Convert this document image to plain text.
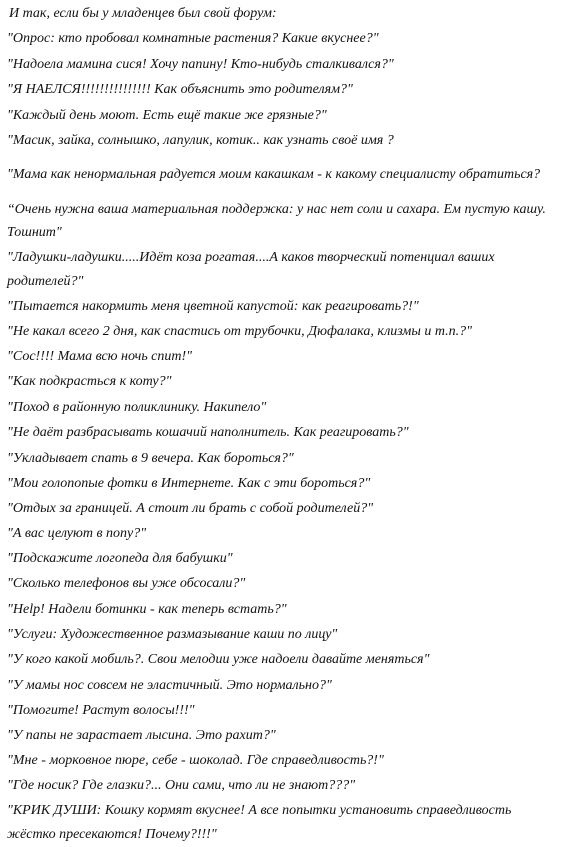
И так, если бы у младенцев был свой форум:
"Опрос: кто пробовал комнатные растения? Какие вкуснее?"
"Надоела мамина сися! Хочу папину! Кто-нибудь сталкивался?"
"Я НАЕЛСЯ!!!!!!!!!!!!!!! Как объяснить это родителям?"
"Каждый день моют. Есть ещё такие же грязные?"
"Масик, зайка, солнышко, лапулик, котик.. как узнать своё имя ?
"Мама как ненормальная радуется моим какашкам - к какому специалисту обратиться?
“Очень нужна ваша материальная поддержка: у нас нет соли и сахара. Ем пустую кашу.
Тошнит"
"Ладушки-ладушки.....Идёт коза рогатая....А каков творческий потенциал ваших
родителей?"
"Пытается накормить меня цветной капустой: как реагировать?!"
"Не какал всего 2 дня, как спастись от трубочки, Дюфалака, клизмы и т.п.?"
"Сос!!!! Мама всю ночь спит!"
"Как подкрасться к коту?"
"Поход в районную поликлинику. Накипело"
"Не даёт разбрасывать кошачий наполнитель. Как реагировать?"
"Укладывает спать в 9 вечера. Как бороться?"
"Мои голопопые фотки в Интернете. Как с эти бороться?"
"Отдых за границей. А стоит ли брать с собой родителей?"
"А вас целуют в попу?"
"Подскажите логопеда для бабушки"
"Сколько телефонов вы уже обсосали?"
"Help! Надели ботинки - как теперь встать?"
"Услуги: Художественное размазывание каши по лицу"
"У кого какой мобиль?. Свои мелодии уже надоели давайте меняться"
"У мамы нос совсем не эластичный. Это нормально?"
"Помогите! Растут волосы!!!"
"У папы не зарастает лысина. Это рахит?"
"Мне - морковное пюре, себе - шоколад. Где справедливость?!"
"Где носик? Где глазки?... Они сами, что ли не знают???"
"КРИК ДУШИ: Кошку кормят вкуснее! А все попытки установить справедливость
жёстко пресекаются! Почему?!!!"
